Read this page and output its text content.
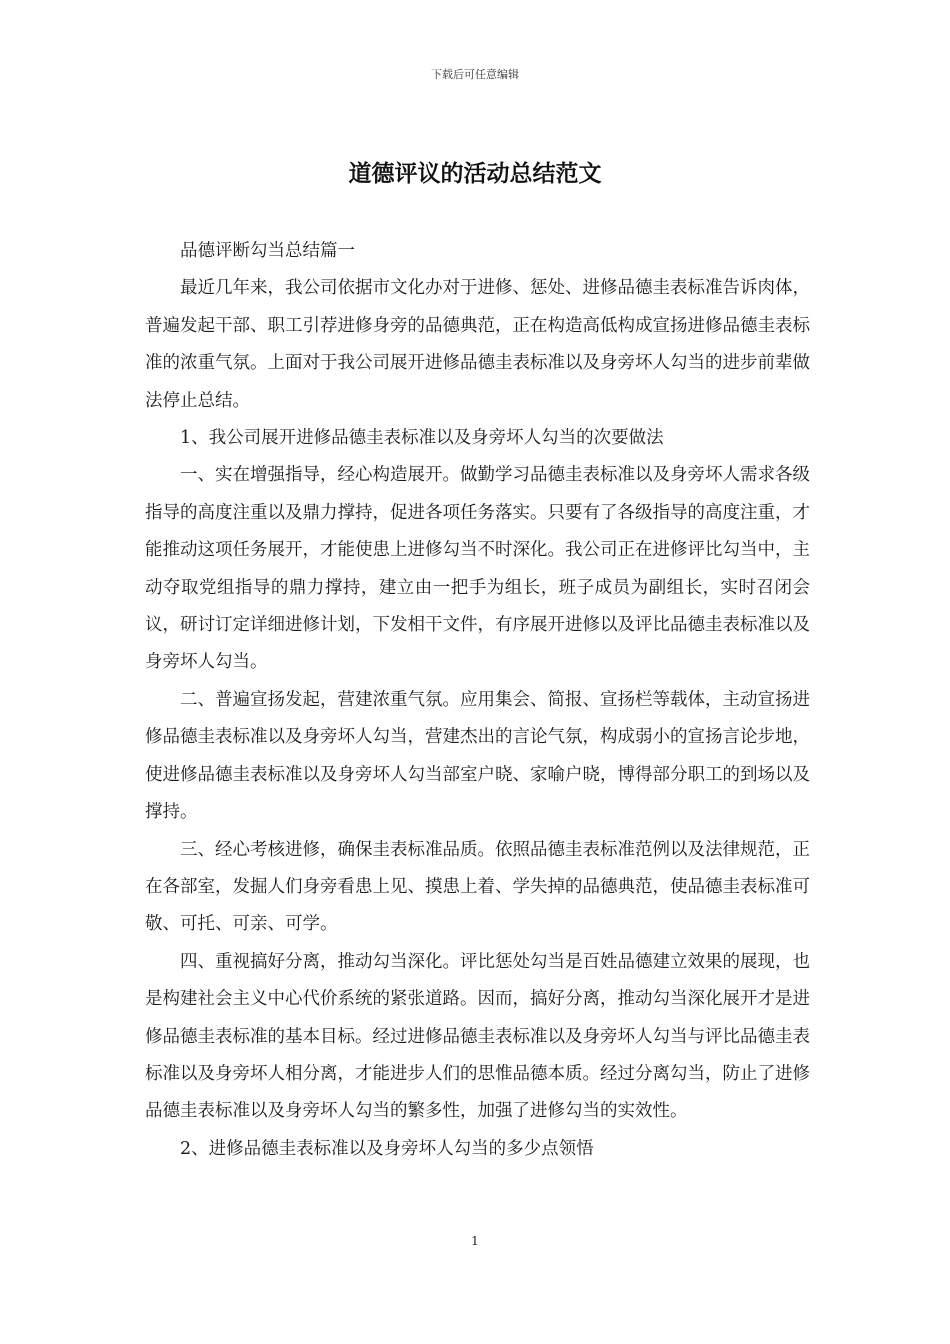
下载后可任意编辑
道德评议的活动总结范文

品德评断勾当总结篇一

最近几年来，我公司依据市文化办对于进修、惩处、进修品德圭表标准告诉肉体，普遍发起干部、职工引荐进修身旁的品德典范，正在构造高低构成宣扬进修品德圭表标准的浓重气氛。上面对于我公司展开进修品德圭表标准以及身旁坏人勾当的进步前辈做法停止总结。

1、我公司展开进修品德圭表标准以及身旁坏人勾当的次要做法

一、实在增强指导，经心构造展开。做勤学习品德圭表标准以及身旁坏人需求各级指导的高度注重以及鼎力撑持，促进各项任务落实。只要有了各级指导的高度注重，才能推动这项任务展开，才能使患上进修勾当不时深化。我公司正在进修评比勾当中，主动夺取党组指导的鼎力撑持，建立由一把手为组长，班子成员为副组长，实时召闭会议，研讨订定详细进修计划，下发相干文件，有序展开进修以及评比品德圭表标准以及身旁坏人勾当。

二、普遍宣扬发起，营建浓重气氛。应用集会、简报、宣扬栏等载体，主动宣扬进修品德圭表标准以及身旁坏人勾当，营建杰出的言论气氛，构成弱小的宣扬言论步地，使进修品德圭表标准以及身旁坏人勾当部室户晓、家喻户晓，博得部分职工的到场以及撑持。

三、经心考核进修，确保圭表标准品质。依照品德圭表标准范例以及法律规范，正在各部室，发掘人们身旁看患上见、摸患上着、学失掉的品德典范，使品德圭表标准可敬、可托、可亲、可学。

四、重视搞好分离，推动勾当深化。评比惩处勾当是百姓品德建立效果的展现，也是构建社会主义中心代价系统的紧张道路。因而，搞好分离，推动勾当深化展开才是进修品德圭表标准的基本目标。经过进修品德圭表标准以及身旁坏人勾当与评比品德圭表标准以及身旁坏人相分离，才能进步人们的思惟品德本质。经过分离勾当，防止了进修品德圭表标准以及身旁坏人勾当的繁多性，加强了进修勾当的实效性。

2、进修品德圭表标准以及身旁坏人勾当的多少点领悟

1
